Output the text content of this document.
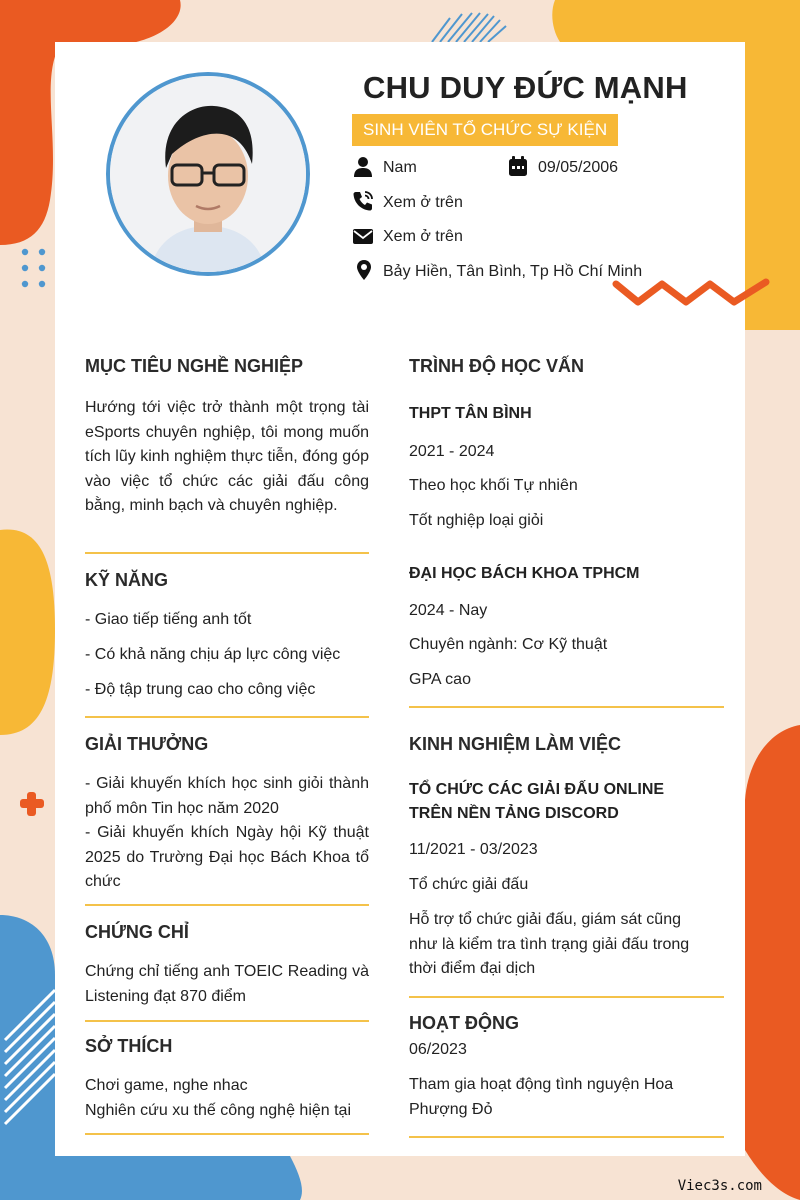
CHU DUY ĐỨC MẠNH
SINH VIÊN TỔ CHỨC SỰ KIỆN
Nam	09/05/2006
Xem ở trên
Xem ở trên
Bảy Hiền, Tân Bình, Tp Hồ Chí Minh
MỤC TIÊU NGHỀ NGHIỆP
Hướng tới việc trở thành một trọng tài eSports chuyên nghiệp, tôi mong muốn tích lũy kinh nghiệm thực tiễn, đóng góp vào việc tổ chức các giải đấu công bằng, minh bạch và chuyên nghiệp.
KỸ NĂNG
- Giao tiếp tiếng anh tốt
- Có khả năng chịu áp lực công việc
- Độ tập trung cao cho công việc
GIẢI THƯỞNG
- Giải khuyến khích học sinh giỏi thành phố môn Tin học năm 2020
- Giải khuyến khích Ngày hội Kỹ thuật 2025 do Trường Đại học Bách Khoa tổ chức
CHỨNG CHỈ
Chứng chỉ tiếng anh TOEIC Reading và Listening đạt 870 điểm
SỞ THÍCH
Chơi game, nghe nhac
Nghiên cứu xu thế công nghệ hiện tại
TRÌNH ĐỘ HỌC VẤN
THPT TÂN BÌNH
2021 - 2024
Theo học khối Tự nhiên
Tốt nghiệp loại giỏi
ĐẠI HỌC BÁCH KHOA TPHCM
2024 - Nay
Chuyên ngành: Cơ Kỹ thuật
GPA cao
KINH NGHIỆM LÀM VIỆC
TỔ CHỨC CÁC GIẢI ĐẤU ONLINE TRÊN NỀN TẢNG DISCORD
11/2021 - 03/2023
Tổ chức giải đấu
Hỗ trợ tổ chức giải đấu, giám sát cũng như là kiểm tra tình trạng giải đấu trong thời điểm đại dịch
HOẠT ĐỘNG
06/2023
Tham gia hoạt động tình nguyện Hoa Phượng Đỏ
Viec3s.com
